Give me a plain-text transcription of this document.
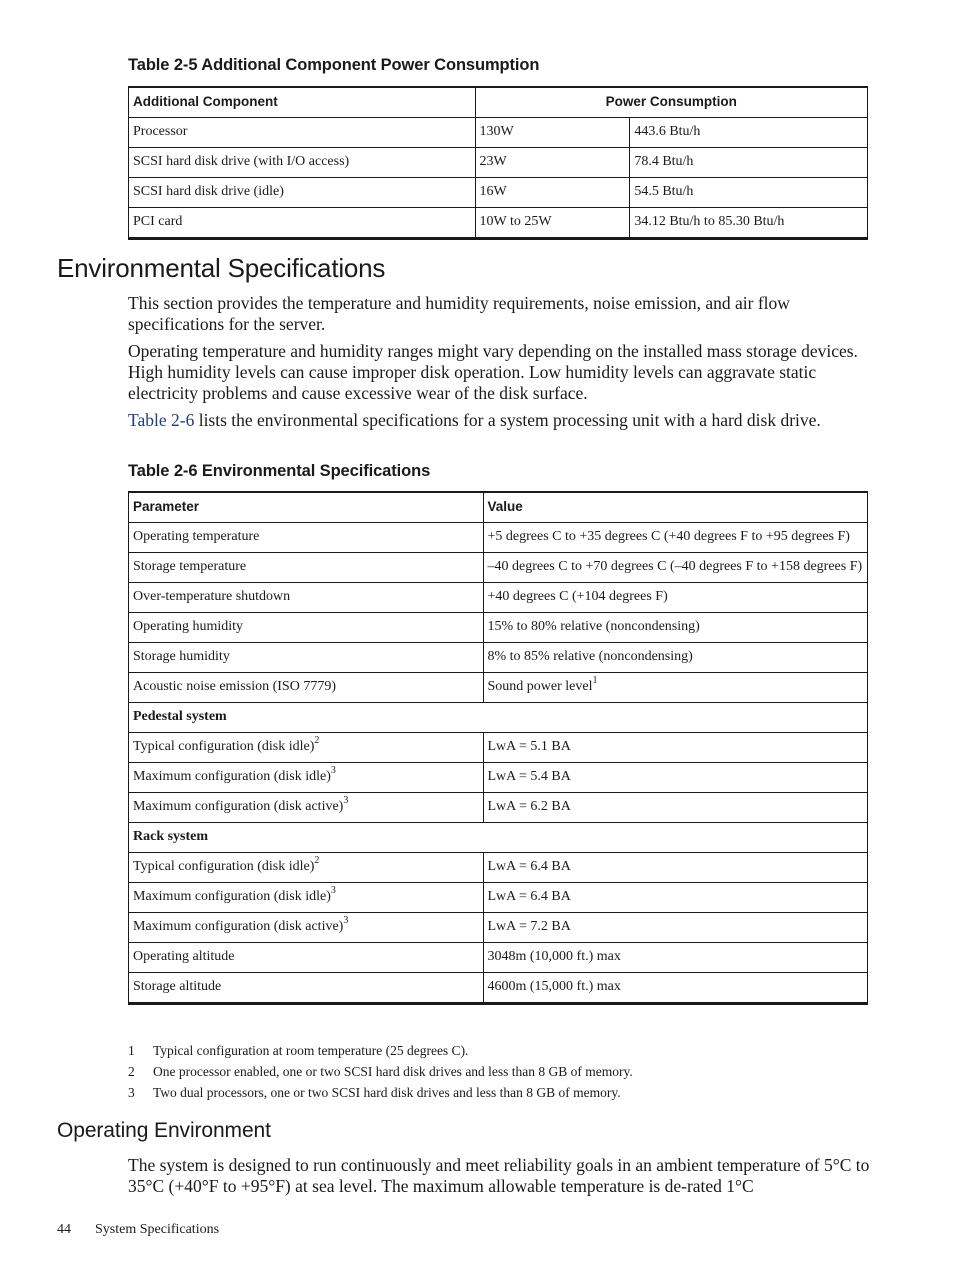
Table 2-5 Additional Component Power Consumption
Additional Component	Power Consumption	
Processor	130W	443.6 Btu/h
SCSI hard disk drive (with I/O access)	23W	78.4 Btu/h
SCSI hard disk drive (idle)	16W	54.5 Btu/h
PCI card	10W to 25W	34.12 Btu/h to 85.30 Btu/h
Environmental Specifications

This section provides the temperature and humidity requirements, noise emission, and air flow specifications for the server.

Operating temperature and humidity ranges might vary depending on the installed mass storage devices. High humidity levels can cause improper disk operation. Low humidity levels can aggravate static electricity problems and cause excessive wear of the disk surface.

Table 2-6 lists the environmental specifications for a system processing unit with a hard disk drive.

Table 2-6 Environmental Specifications
Parameter	Value
Operating temperature	+5 degrees C to +35 degrees C (+40 degrees F to +95 degrees F)
Storage temperature	–40 degrees C to +70 degrees C (–40 degrees F to +158 degrees F)
Over-temperature shutdown	+40 degrees C (+104 degrees F)
Operating humidity	15% to 80% relative (noncondensing)
Storage humidity	8% to 85% relative (noncondensing)
Acoustic noise emission (ISO 7779)	Sound power level$^1$
Pedestal system	
Typical configuration (disk idle)$^2$	LwA = 5.1 BA
Maximum configuration (disk idle)$^3$	LwA = 5.4 BA
Maximum configuration (disk active)$^3$	LwA = 6.2 BA
Rack system	
Typical configuration (disk idle)$^2$	LwA = 6.4 BA
Maximum configuration (disk idle)$^3$	LwA = 6.4 BA
Maximum configuration (disk active)$^3$	LwA = 7.2 BA
Operating altitude	3048m (10,000 ft.) max
Storage altitude	4600m (15,000 ft.) max
1 Typical configuration at room temperature (25 degrees C).
2 One processor enabled, one or two SCSI hard disk drives and less than 8 GB of memory.
3 Two dual processors, one or two SCSI hard disk drives and less than 8 GB of memory.
Operating Environment

The system is designed to run continuously and meet reliability goals in an ambient temperature of 5°C to 35°C (+40°F to +95°F) at sea level. The maximum allowable temperature is de-rated 1°C

44 System Specifications
